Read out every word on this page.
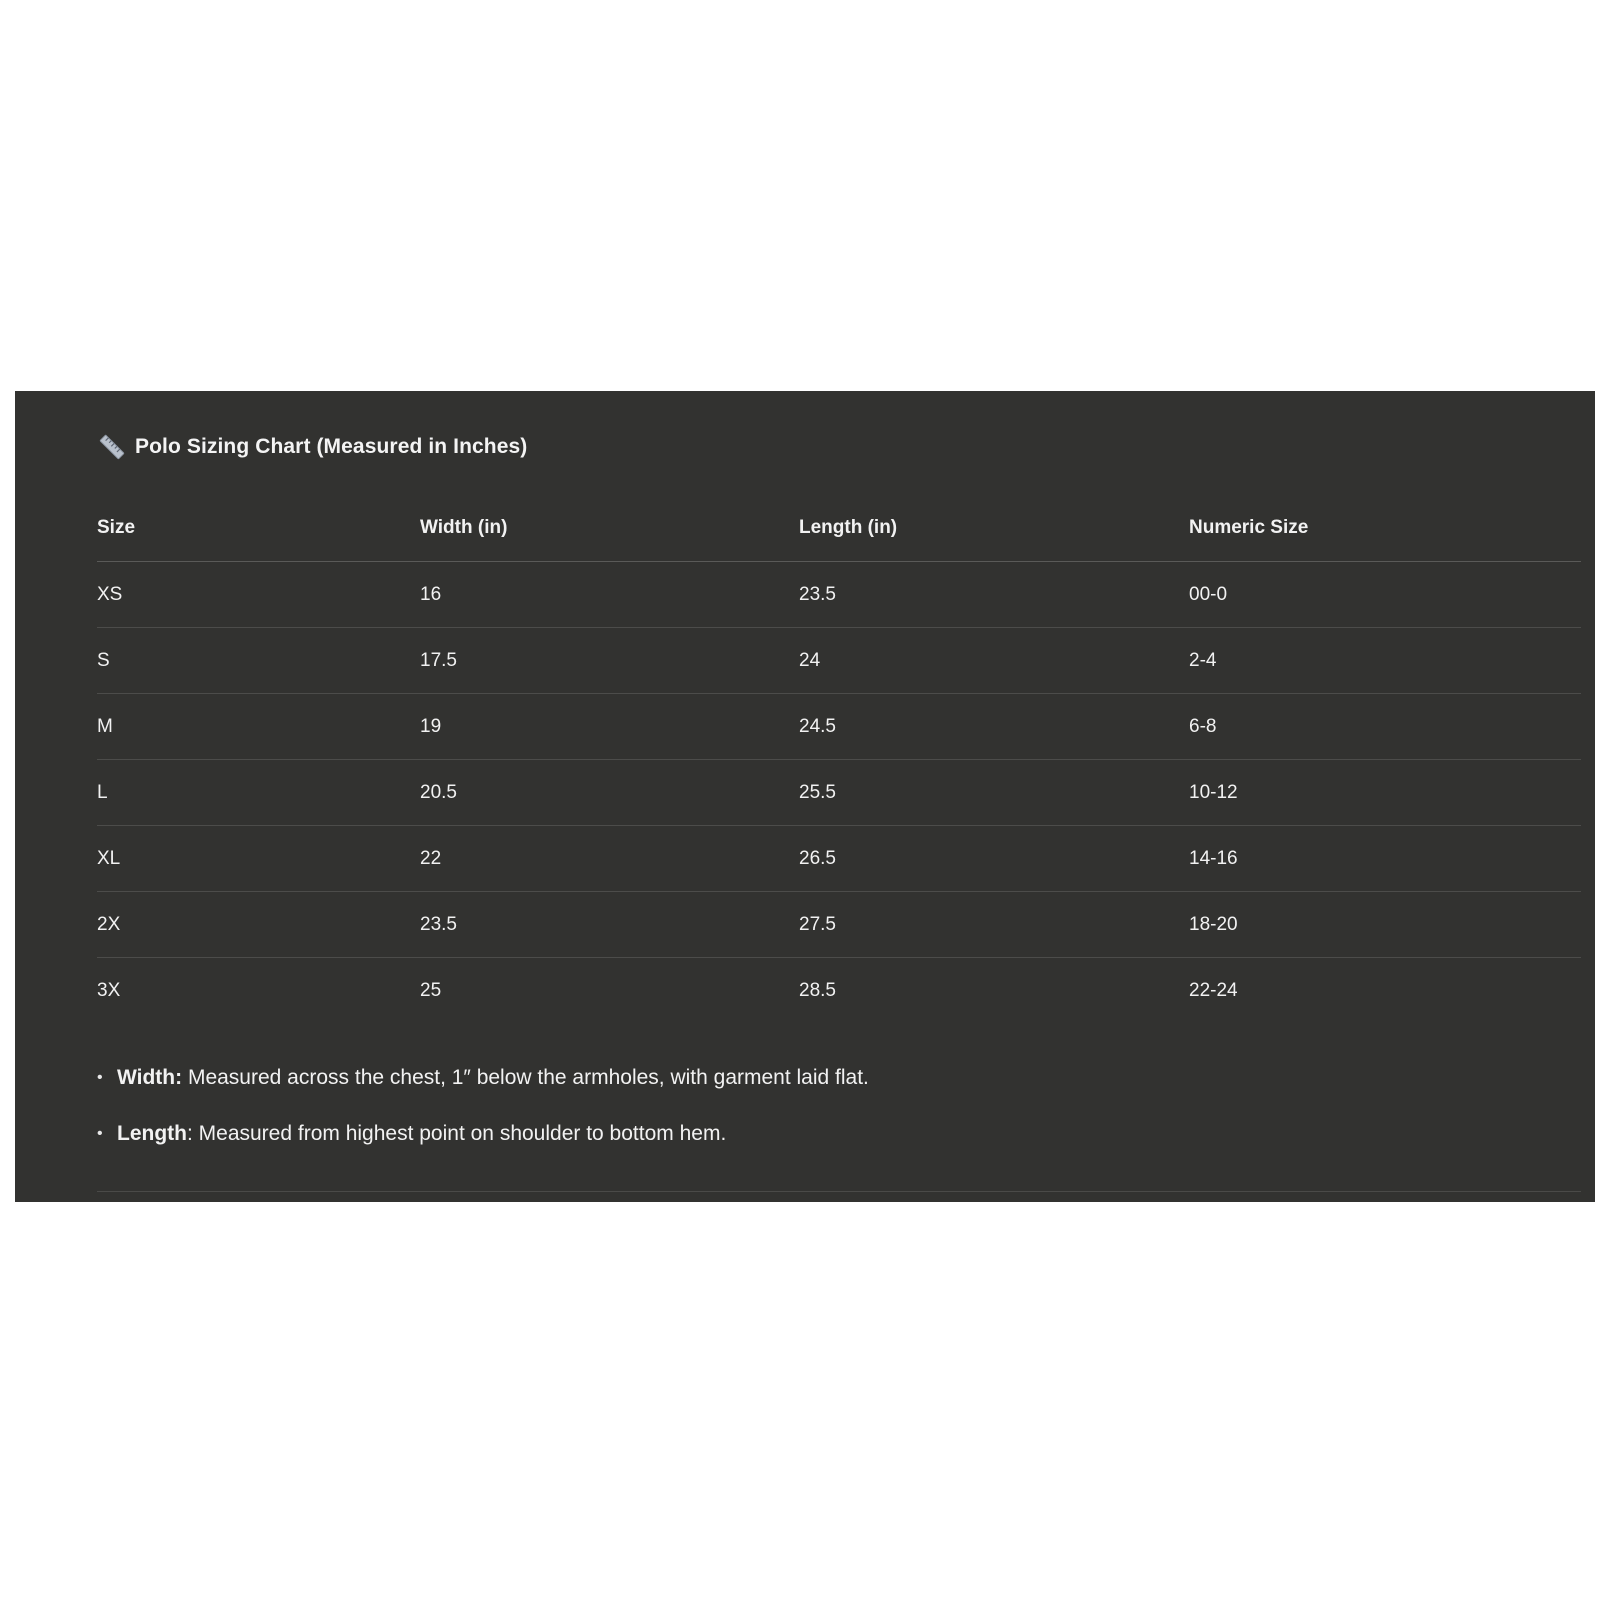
Polo Sizing Chart (Measured in Inches)
Size	Width (in)	Length (in)	Numeric Size
XS	16	23.5	00-0
S	17.5	24	2-4
M	19	24.5	6-8
L	20.5	25.5	10-12
XL	22	26.5	14-16
2X	23.5	27.5	18-20
3X	25	28.5	22-24
• Width: Measured across the chest, 1″ below the armholes, with garment laid flat.
• Length: Measured from highest point on shoulder to bottom hem.
